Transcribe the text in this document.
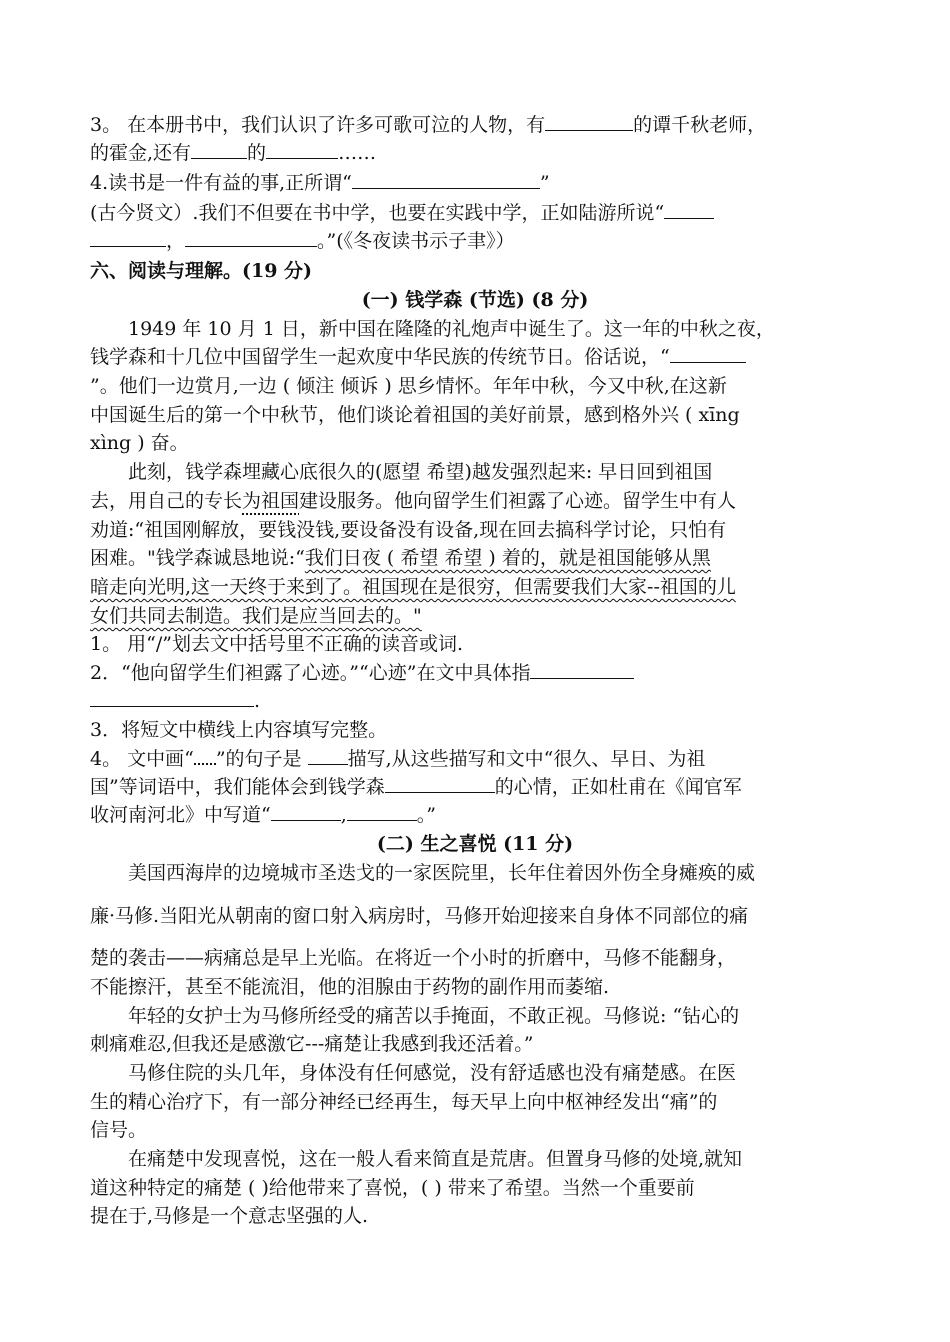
3。 在本册书中，我们认识了许多可歌可泣的人物，有	的谭千秋老师，
的霍金,还有	的	……
4.读书是一件有益的事,正所谓“	”
(古今贤文）.我们不但要在书中学，也要在实践中学，正如陆游所说“
，	。”(《冬夜读书示子聿》）
六、阅读与理解。(19 分)
(一) 钱学森 (节选) (8 分)
1949 年 10 月 1 日，新中国在隆隆的礼炮声中诞生了。这一年的中秋之夜，
钱学森和十几位中国留学生一起欢度中华民族的传统节日。俗话说，“
”。他们一边赏月,一边 ( 倾注 倾诉 ) 思乡情怀。年年中秋，今又中秋,在这新
中国诞生后的第一个中秋节，他们谈论着祖国的美好前景，感到格外兴 ( xīng
xìng ) 奋。
此刻，钱学森埋藏心底很久的(愿望 希望)越发强烈起来: 早日回到祖国
去，用自己的专长为祖国建设服务。他向留学生们袒露了心迹。留学生中有人
劝道:“祖国刚解放，要钱没钱,要设备没有设备,现在回去搞科学讨论，只怕有
困难。"钱学森诚恳地说:“我们日夜 ( 希望 希望 ) 着的，就是祖国能够从黑
暗走向光明,这一天终于来到了。祖国现在是很穷，但需要我们大家--祖国的儿
女们共同去制造。我们是应当回去的。"
1。 用“/”划去文中括号里不正确的读音或词.
2．“他向留学生们袒露了心迹。”“心迹”在文中具体指
.
3．将短文中横线上内容填写完整。
4。 文中画“ ”的句子是 描写,从这些描写和文中“很久、早日、为祖
国”等词语中，我们能体会到钱学森	的心情，正如杜甫在《闻官军
收河南河北》中写道“	,	。”
(二) 生之喜悦 (11 分)
美国西海岸的边境城市圣迭戈的一家医院里，长年住着因外伤全身瘫痪的威
廉·马修.当阳光从朝南的窗口射入病房时，马修开始迎接来自身体不同部位的痛
楚的袭击——病痛总是早上光临。在将近一个小时的折磨中，马修不能翻身，
不能擦汗，甚至不能流泪，他的泪腺由于药物的副作用而萎缩.
年轻的女护士为马修所经受的痛苦以手掩面，不敢正视。马修说: “钻心的
刺痛难忍,但我还是感激它---痛楚让我感到我还活着。”
马修住院的头几年，身体没有任何感觉，没有舒适感也没有痛楚感。在医
生的精心治疗下，有一部分神经已经再生，每天早上向中枢神经发出“痛”的
信号。
在痛楚中发现喜悦，这在一般人看来简直是荒唐。但置身马修的处境,就知
道这种特定的痛楚 ( )给他带来了喜悦，( ) 带来了希望。当然一个重要前
提在于,马修是一个意志坚强的人.
